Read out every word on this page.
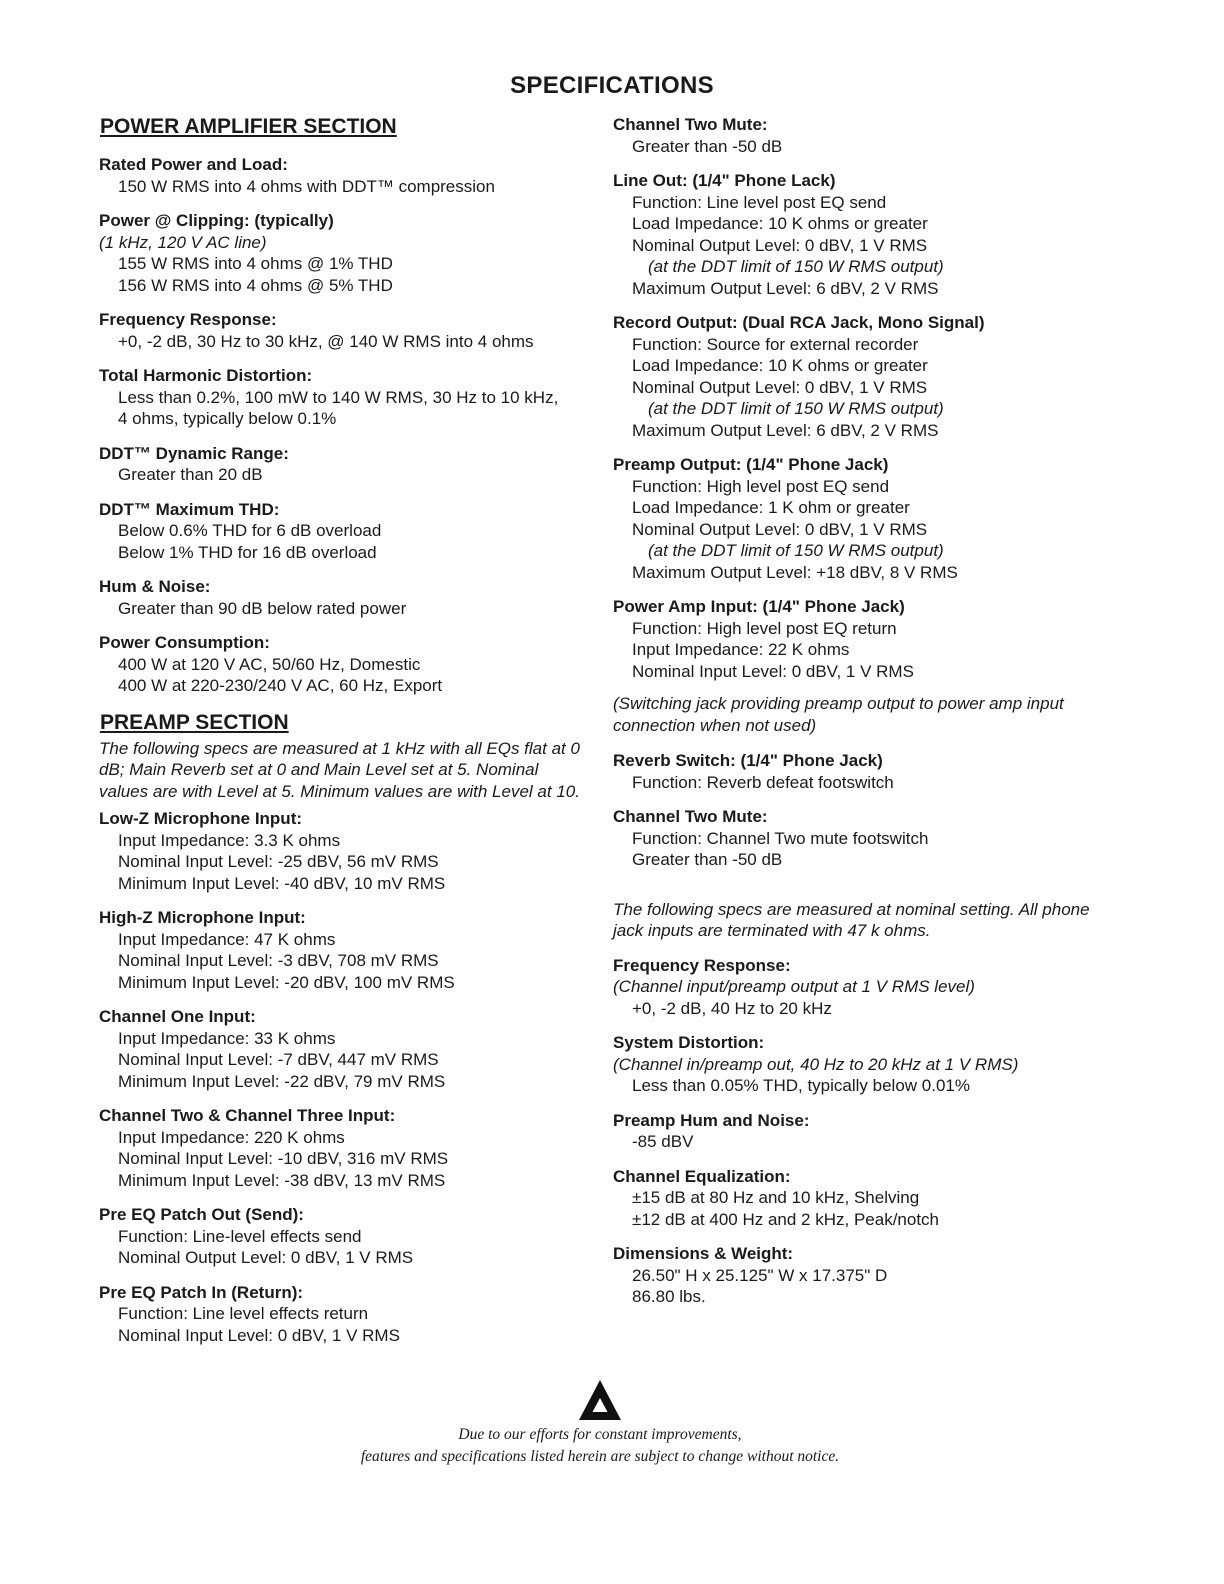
SPECIFICATIONS
POWER AMPLIFIER SECTION
Rated Power and Load:
150 W RMS into 4 ohms with DDT™ compression
Power @ Clipping: (typically)
(1 kHz, 120 V AC line)
155 W RMS into 4 ohms @ 1% THD
156 W RMS into 4 ohms @ 5% THD
Frequency Response:
+0, -2 dB, 30 Hz to 30 kHz, @ 140 W RMS into 4 ohms
Total Harmonic Distortion:
Less than 0.2%, 100 mW to 140 W RMS, 30 Hz to 10 kHz,
4 ohms, typically below 0.1%
DDT™ Dynamic Range:
Greater than 20 dB
DDT™ Maximum THD:
Below 0.6% THD for 6 dB overload
Below 1% THD for 16 dB overload
Hum & Noise:
Greater than 90 dB below rated power
Power Consumption:
400 W at 120 V AC, 50/60 Hz, Domestic
400 W at 220-230/240 V AC, 60 Hz, Export
PREAMP SECTION
The following specs are measured at 1 kHz with all EQs flat at 0 dB; Main Reverb set at 0 and Main Level set at 5. Nominal values are with Level at 5. Minimum values are with Level at 10.
Low-Z Microphone Input:
Input Impedance: 3.3 K ohms
Nominal Input Level: -25 dBV, 56 mV RMS
Minimum Input Level: -40 dBV, 10 mV RMS
High-Z Microphone Input:
Input Impedance: 47 K ohms
Nominal Input Level: -3 dBV, 708 mV RMS
Minimum Input Level: -20 dBV, 100 mV RMS
Channel One Input:
Input Impedance: 33 K ohms
Nominal Input Level: -7 dBV, 447 mV RMS
Minimum Input Level: -22 dBV, 79 mV RMS
Channel Two & Channel Three Input:
Input Impedance: 220 K ohms
Nominal Input Level: -10 dBV, 316 mV RMS
Minimum Input Level: -38 dBV, 13 mV RMS
Pre EQ Patch Out (Send):
Function: Line-level effects send
Nominal Output Level: 0 dBV, 1 V RMS
Pre EQ Patch In (Return):
Function: Line level effects return
Nominal Input Level: 0 dBV, 1 V RMS
Channel Two Mute:
Greater than -50 dB
Line Out: (1/4" Phone Lack)
Function: Line level post EQ send
Load Impedance: 10 K ohms or greater
Nominal Output Level: 0 dBV, 1 V RMS
(at the DDT limit of 150 W RMS output)
Maximum Output Level: 6 dBV, 2 V RMS
Record Output: (Dual RCA Jack, Mono Signal)
Function: Source for external recorder
Load Impedance: 10 K ohms or greater
Nominal Output Level: 0 dBV, 1 V RMS
(at the DDT limit of 150 W RMS output)
Maximum Output Level: 6 dBV, 2 V RMS
Preamp Output: (1/4" Phone Jack)
Function: High level post EQ send
Load Impedance: 1 K ohm or greater
Nominal Output Level: 0 dBV, 1 V RMS
(at the DDT limit of 150 W RMS output)
Maximum Output Level: +18 dBV, 8 V RMS
Power Amp Input: (1/4" Phone Jack)
Function: High level post EQ return
Input Impedance: 22 K ohms
Nominal Input Level: 0 dBV, 1 V RMS
(Switching jack providing preamp output to power amp input connection when not used)
Reverb Switch: (1/4" Phone Jack)
Function: Reverb defeat footswitch
Channel Two Mute:
Function: Channel Two mute footswitch
Greater than -50 dB
The following specs are measured at nominal setting. All phone jack inputs are terminated with 47 k ohms.
Frequency Response:
(Channel input/preamp output at 1 V RMS level)
+0, -2 dB, 40 Hz to 20 kHz
System Distortion:
(Channel in/preamp out, 40 Hz to 20 kHz at 1 V RMS)
Less than 0.05% THD, typically below 0.01%
Preamp Hum and Noise:
-85 dBV
Channel Equalization:
±15 dB at 80 Hz and 10 kHz, Shelving
±12 dB at 400 Hz and 2 kHz, Peak/notch
Dimensions & Weight:
26.50" H x 25.125" W x 17.375" D
86.80 lbs.
Due to our efforts for constant improvements,
features and specifications listed herein are subject to change without notice.
